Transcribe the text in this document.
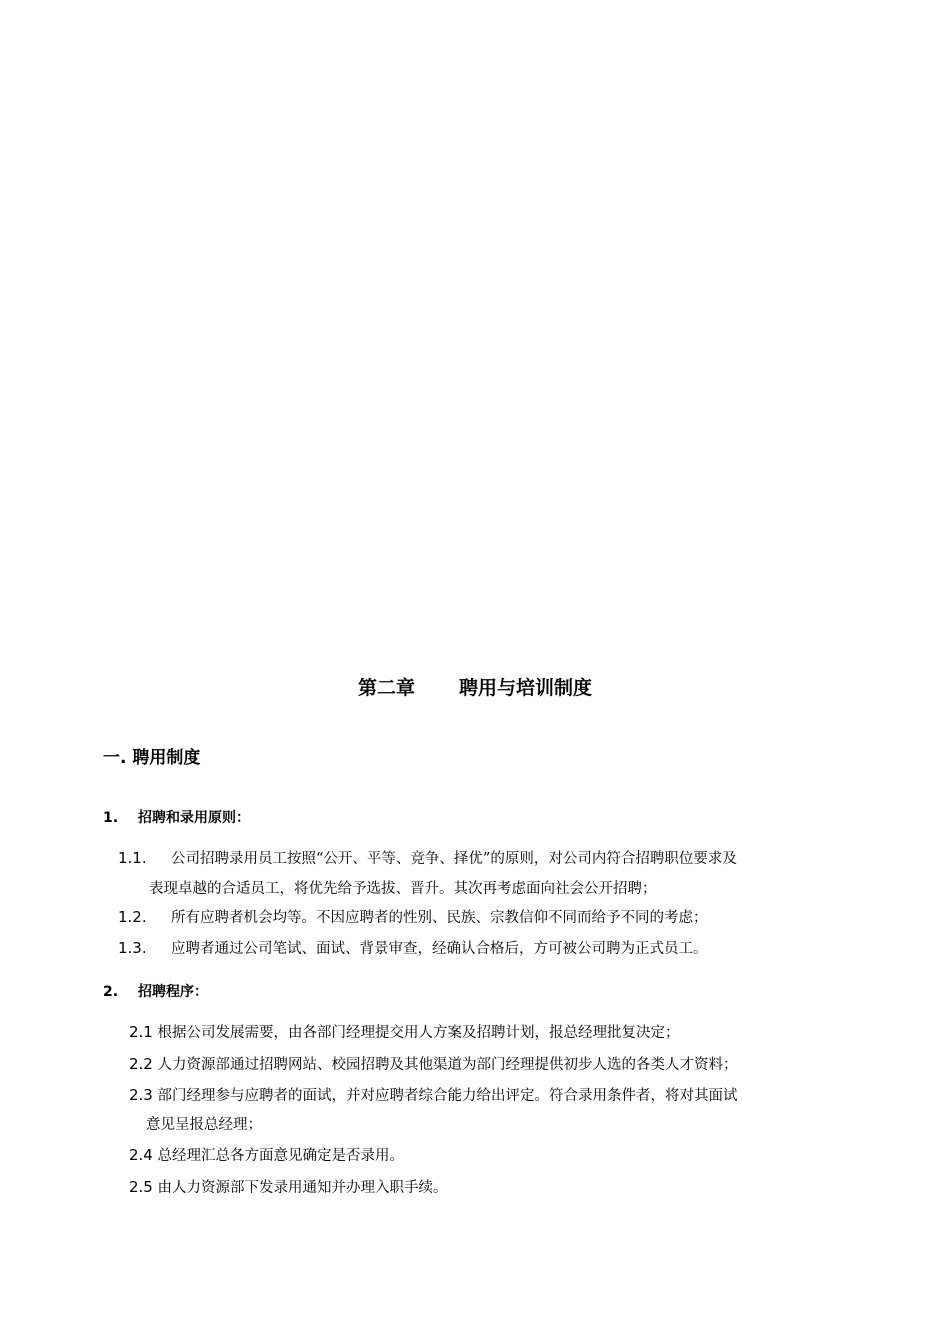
第二章 聘用与培训制度
一. 聘用制度
1. 招聘和录用原则：
1.1. 公司招聘录用员工按照“公开、平等、竞争、择优”的原则，对公司内符合招聘职位要求及
表现卓越的合适员工，将优先给予选拔、晋升。其次再考虑面向社会公开招聘；
1.2. 所有应聘者机会均等。不因应聘者的性别、民族、宗教信仰不同而给予不同的考虑；
1.3. 应聘者通过公司笔试、面试、背景审查，经确认合格后，方可被公司聘为正式员工。
2. 招聘程序：
2.1 根据公司发展需要，由各部门经理提交用人方案及招聘计划，报总经理批复决定；
2.2 人力资源部通过招聘网站、校园招聘及其他渠道为部门经理提供初步人选的各类人才资料；
2.3 部门经理参与应聘者的面试，并对应聘者综合能力给出评定。符合录用条件者，将对其面试
意见呈报总经理；
2.4 总经理汇总各方面意见确定是否录用。
2.5 由人力资源部下发录用通知并办理入职手续。
